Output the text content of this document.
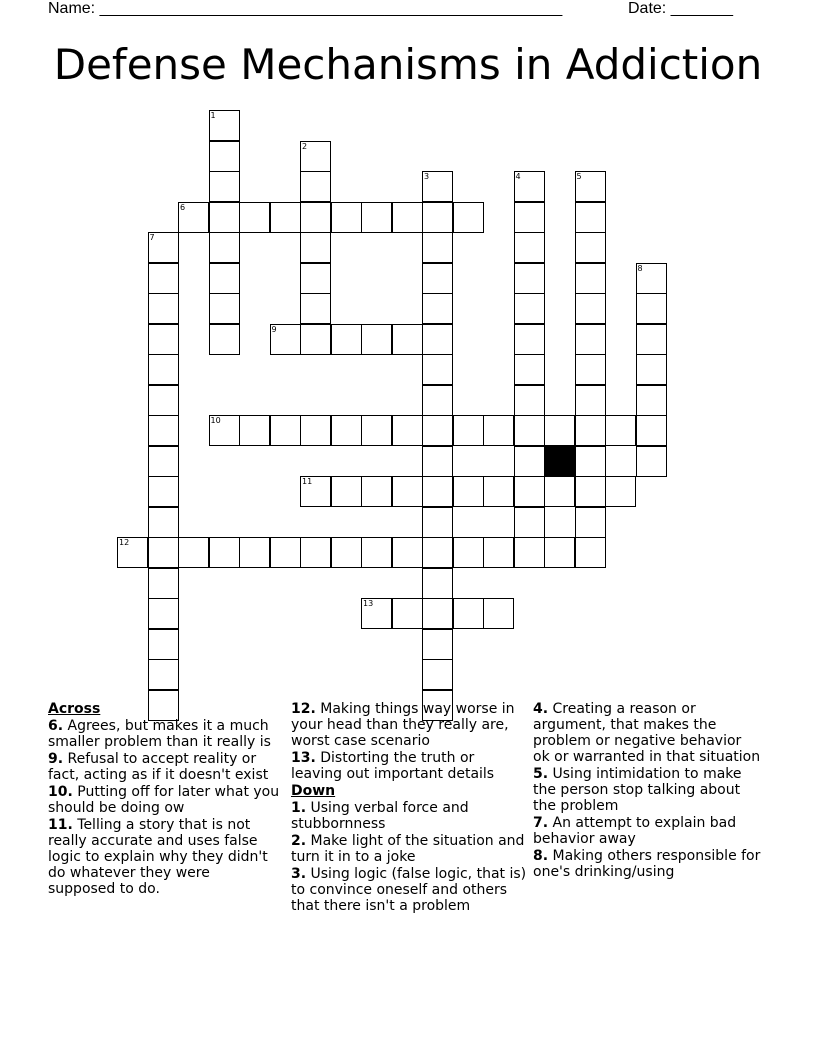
Name: ____________________________________________________	Date: _______
Defense Mechanisms in Addiction
1
2
3	4	5
6
7
8
9
10
11
12
13
Across
6. Agrees, but makes it a much smaller problem than it really is
9. Refusal to accept reality or fact, acting as if it doesn't exist
10. Putting off for later what you should be doing ow
11. Telling a story that is not really accurate and uses false logic to explain why they didn't do whatever they were supposed to do.
12. Making things way worse in your head than they really are, worst case scenario
13. Distorting the truth or leaving out important details
Down
1. Using verbal force and stubbornness
2. Make light of the situation and turn it in to a joke
3. Using logic (false logic, that is) to convince oneself and others that there isn't a problem
4. Creating a reason or argument, that makes the problem or negative behavior ok or warranted in that situation
5. Using intimidation to make the person stop talking about the problem
7. An attempt to explain bad behavior away
8. Making others responsible for one's drinking/using
